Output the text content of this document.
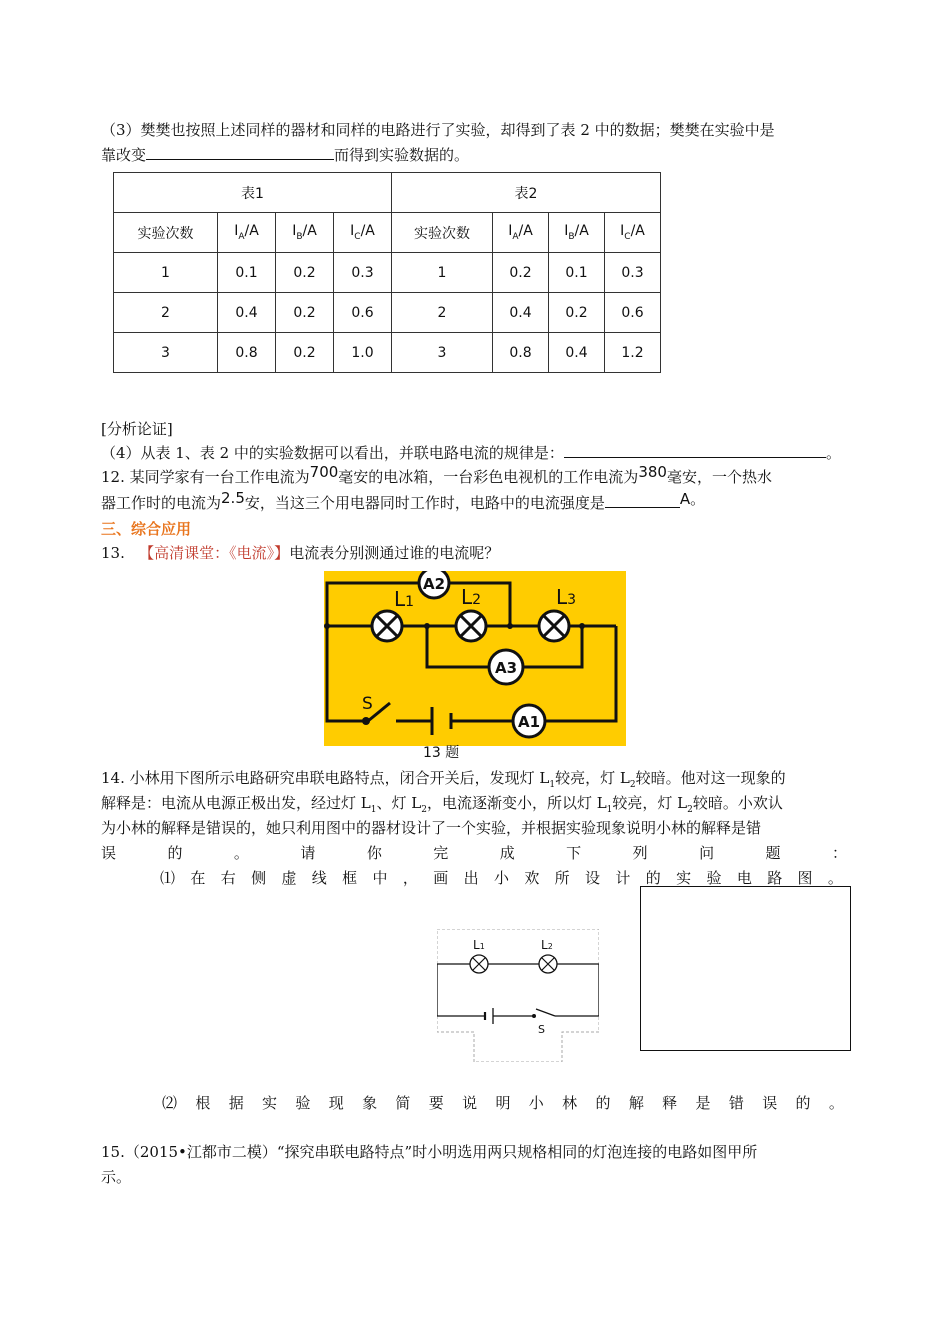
（3）樊樊也按照上述同样的器材和同样的电路进行了实验，却得到了表 2 中的数据；樊樊在实验中是
靠改变	而得到实验数据的。
表1				表2			
实验次数	$I_A/A$	$I_B/A$	$I_C/A$	实验次数	$I_A/A$	$I_B/A$	$I_C/A$
1	0.1	0.2	0.3	1	0.2	0.1	0.3
2	0.4	0.2	0.6	2	0.4	0.2	0.6
3	0.8	0.2	1.0	3	0.8	0.4	1.2
[分析论证]
（4）从表 1、表 2 中的实验数据可以看出，并联电路电流的规律是：	。
12. 某同学家有一台工作电流为700毫安的电冰箱，一台彩色电视机的工作电流为380毫安，一个热水
器工作时的电流为2.5安，当这三个用电器同时工作时，电路中的电流强度是	A。
三、综合应用
13. 【高清课堂：《电流》】电流表分别测通过谁的电流呢？
A2
A3
A1
L1 L2	L3
S
13 题
14. 小林用下图所示电路研究串联电路特点，闭合开关后，发现灯 $L_1$较亮，灯 $L_2$较暗。他对这一现象的
解释是：电流从电源正极出发，经过灯 $L_1$、灯 $L_2$，电流逐渐变小，所以灯 $L_1$较亮，灯 $L_2$较暗。小欢认
为小林的解释是错误的，她只利用图中的器材设计了一个实验，并根据实验现象说明小林的解释是错
误	的	。	请	你	完	成	下	列	问	题	：
⑴ 在 右 侧 虚 线 框 中 ， 画 出 小 欢 所 设 计 的 实 验 电 路 图 。
L1	L2
S
⑵ 根 据 实 验 现 象 简 要 说 明 小 林 的 解 释 是 错 误 的 。
15.（2015•江都市二模）“探究串联电路特点”时小明选用两只规格相同的灯泡连接的电路如图甲所
示。
